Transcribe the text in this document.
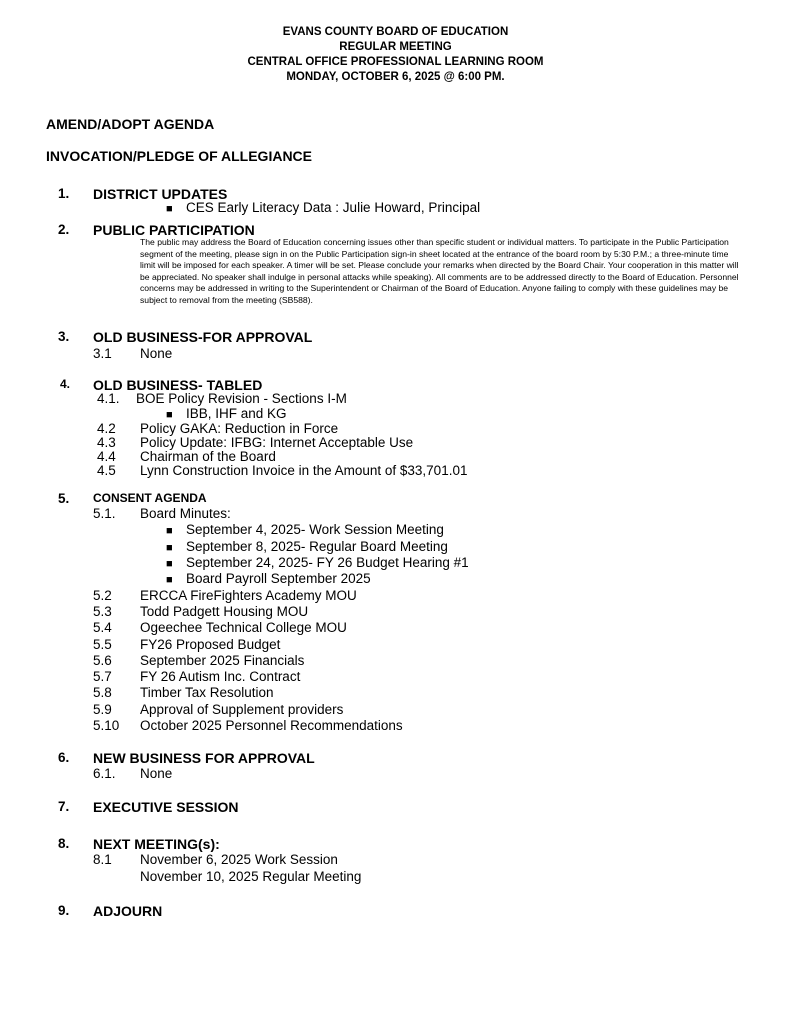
EVANS COUNTY BOARD OF EDUCATION
REGULAR MEETING
CENTRAL OFFICE PROFESSIONAL LEARNING ROOM
MONDAY, OCTOBER 6, 2025 @ 6:00 PM.
AMEND/ADOPT AGENDA
INVOCATION/PLEDGE OF ALLEGIANCE
1. DISTRICT UPDATES
■ CES Early Literacy Data : Julie Howard, Principal
2. PUBLIC PARTICIPATION
The public may address the Board of Education concerning issues other than specific student or individual matters. To participate in the Public Participation segment of the meeting, please sign in on the Public Participation sign-in sheet located at the entrance of the board room by 5:30 P.M.; a three-minute time limit will be imposed for each speaker. A timer will be set. Please conclude your remarks when directed by the Board Chair. Your cooperation in this matter will be appreciated. No speaker shall indulge in personal attacks while speaking). All comments are to be addressed directly to the Board of Education. Personnel concerns may be addressed in writing to the Superintendent or Chairman of the Board of Education. Anyone failing to comply with these guidelines may be subject to removal from the meeting (SB588).
3. OLD BUSINESS-FOR APPROVAL
3.1 None
4. OLD BUSINESS- TABLED
4.1. BOE Policy Revision - Sections I-M
■ IBB, IHF and KG
4.2 Policy GAKA: Reduction in Force
4.3 Policy Update: IFBG: Internet Acceptable Use
4.4 Chairman of the Board
4.5 Lynn Construction Invoice in the Amount of $33,701.01
5. CONSENT AGENDA
5.1. Board Minutes:
■ September 4, 2025- Work Session Meeting
■ September 8, 2025- Regular Board Meeting
■ September 24, 2025- FY 26 Budget Hearing #1
■ Board Payroll September 2025
5.2 ERCCA FireFighters Academy MOU
5.3 Todd Padgett Housing MOU
5.4 Ogeechee Technical College MOU
5.5 FY26 Proposed Budget
5.6 September 2025 Financials
5.7 FY 26 Autism Inc. Contract
5.8 Timber Tax Resolution
5.9 Approval of Supplement providers
5.10 October 2025 Personnel Recommendations
6. NEW BUSINESS FOR APPROVAL
6.1. None
7. EXECUTIVE SESSION
8. NEXT MEETING(s):
8.1 November 6, 2025 Work Session
November 10, 2025 Regular Meeting
9. ADJOURN
